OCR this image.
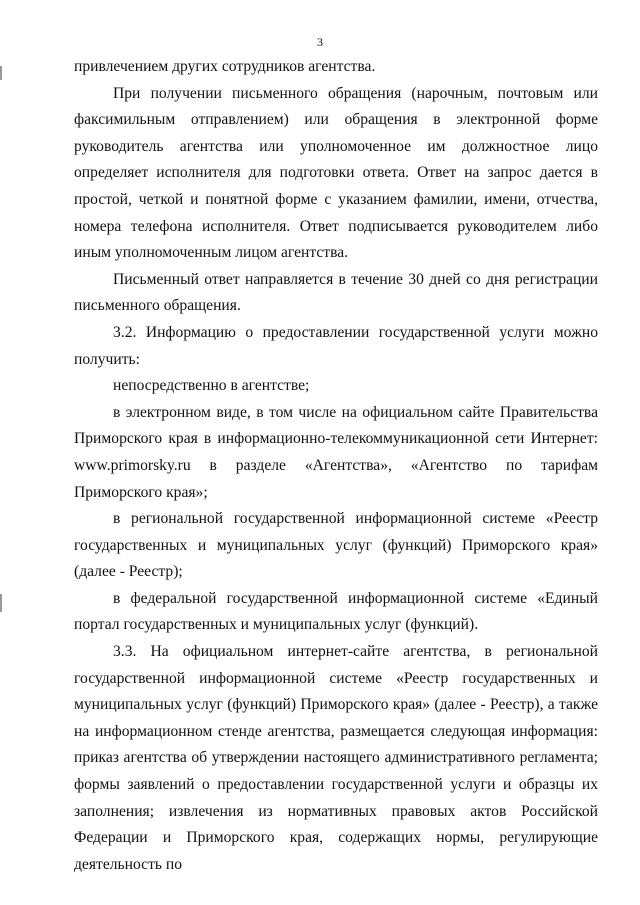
3

привлечением других сотрудников агентства.

При получении письменного обращения (нарочным, почтовым или факсимильным отправлением) или обращения в электронной форме руководитель агентства или уполномоченное им должностное лицо определяет исполнителя для подготовки ответа. Ответ на запрос дается в простой, четкой и понятной форме с указанием фамилии, имени, отчества, номера телефона исполнителя. Ответ подписывается руководителем либо иным уполномоченным лицом агентства.

Письменный ответ направляется в течение 30 дней со дня регистрации письменного обращения.

3.2. Информацию о предоставлении государственной услуги можно получить:

непосредственно в агентстве;

в электронном виде, в том числе на официальном сайте Правительства Приморского края в информационно-телекоммуникационной сети Интернет: www.primorsky.ru в разделе «Агентства», «Агентство по тарифам Приморского края»;

в региональной государственной информационной системе «Реестр государственных и муниципальных услуг (функций) Приморского края» (далее - Реестр);

в федеральной государственной информационной системе «Единый портал государственных и муниципальных услуг (функций).

3.3. На официальном интернет-сайте агентства, в региональной государственной информационной системе «Реестр государственных и муниципальных услуг (функций) Приморского края» (далее - Реестр), а также на информационном стенде агентства, размещается следующая информация: приказ агентства об утверждении настоящего административного регламента; формы заявлений о предоставлении государственной услуги и образцы их заполнения; извлечения из нормативных правовых актов Российской Федерации и Приморского края, содержащих нормы, регулирующие деятельность по
